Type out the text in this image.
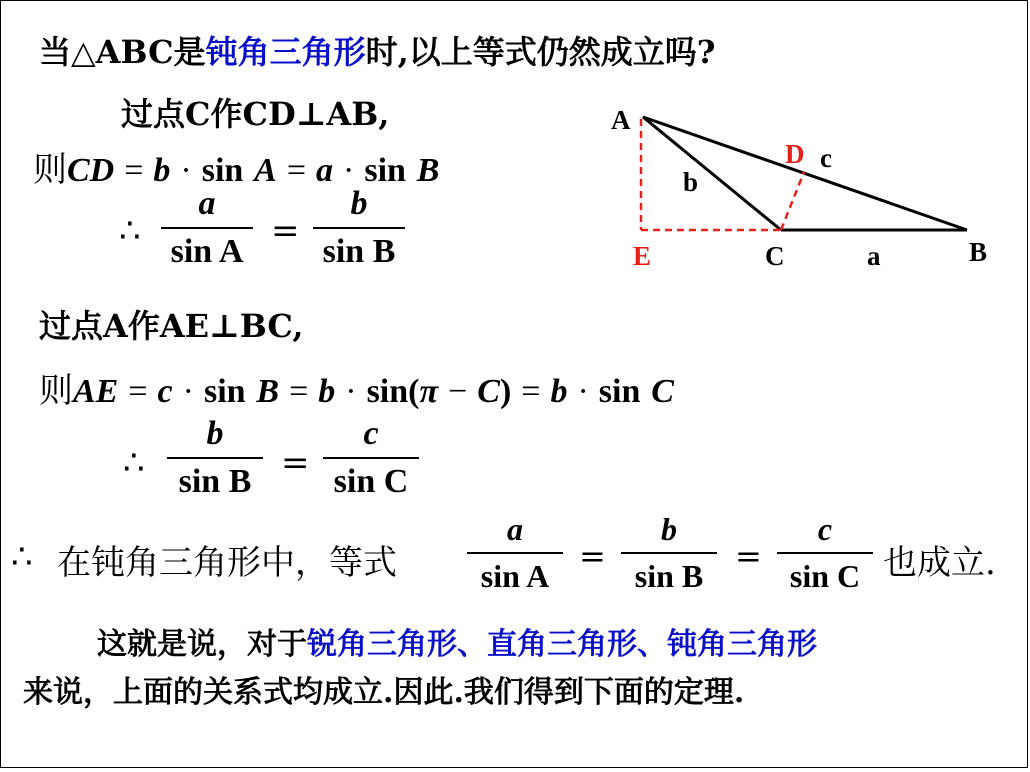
当△ABC是钝角三角形时,以上等式仍然成立吗?
过点C作CD⊥AB,
则CD = b · sin A = a · sin B
∴
a
sin A
=
b
sin B
过点A作AE⊥BC,
则AE = c · sin B = b · sin(π − C) = b · sin C
∴
b
sin B =
c
sin C
∴ 在钝角三角形中，等式
a
sin A
=
b
sin B
=
c
sin C 也成立.
这就是说，对于锐角三角形、直角三角形、钝角三角形
来说，上面的关系式均成立.因此.我们得到下面的定理.
A
B
C
D
E	a
b
c
